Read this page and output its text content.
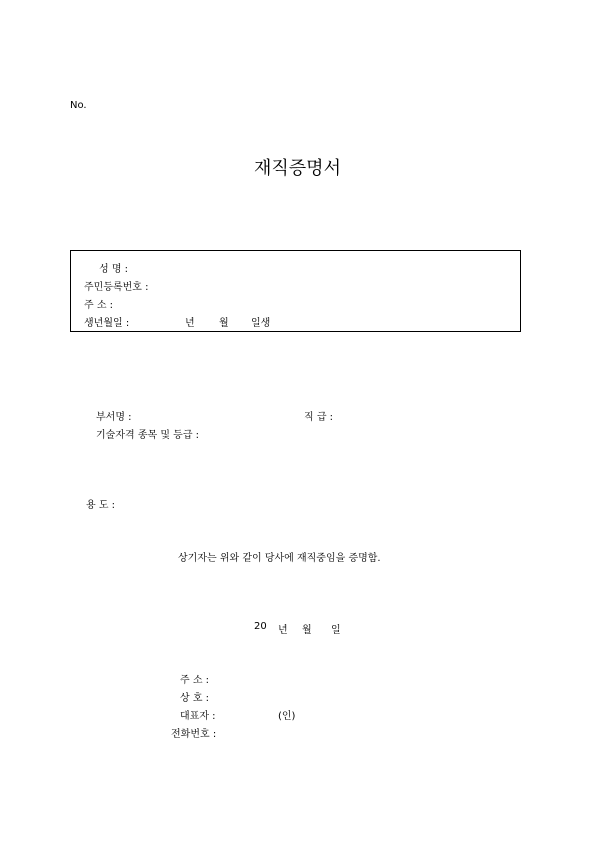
No.
재직증명서
성 명 :
주민등록번호 :
주 소 :
생년월일 :	년 월 일생
부서명 :	직 급 :
기술자격 종목 및 등급 :
용 도 :
상기자는 위와 같이 당사에 재직중임을 증명함.
20 년 월 일
주 소 :
상 호 :
대표자 :	(인)
전화번호 :
